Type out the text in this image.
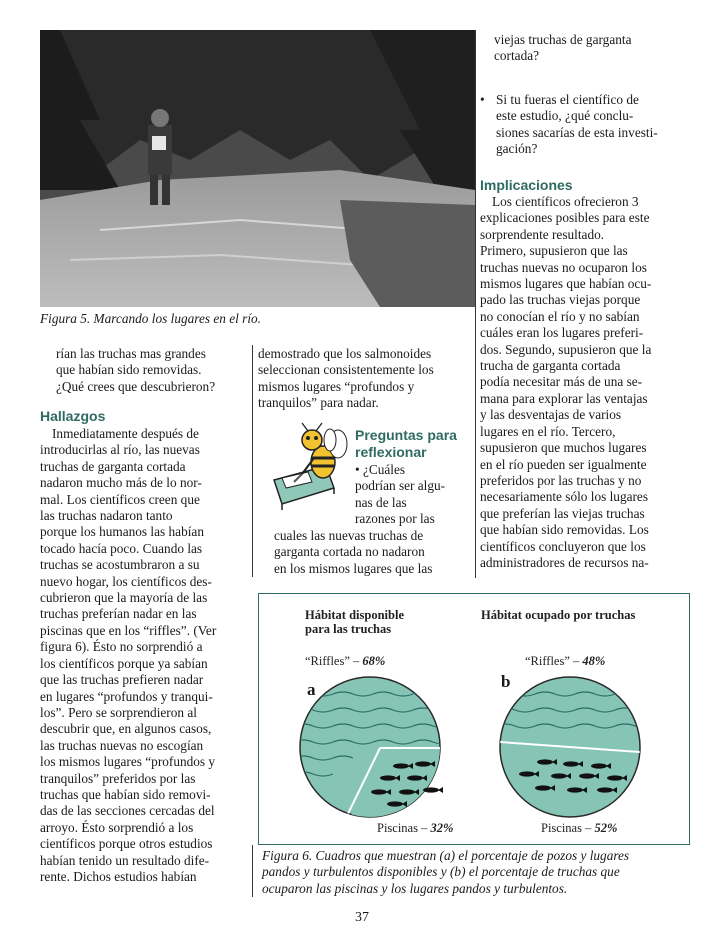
Figura 5. Marcando los lugares en el río.

viejas truchas de garganta

cortada?

• Si tu fueras el científico de
este estudio, ¿qué conclu-
siones sacarías de esta investi-
gación?
Implicaciones
Los científicos ofrecieron 3
explicaciones posibles para este
sorprendente resultado.
Primero, supusieron que las
truchas nuevas no ocuparon los
mismos lugares que habían ocu-
pado las truchas viejas porque
no conocían el río y no sabían
cuáles eran los lugares preferi-
dos. Segundo, supusieron que la
trucha de garganta cortada
podía necesitar más de una se-
mana para explorar las ventajas
y las desventajas de varios
lugares en el río. Tercero,
supusieron que muchos lugares
en el río pueden ser igualmente
preferidos por las truchas y no
necesariamente sólo los lugares
que preferían las viejas truchas
que habían sido removidas. Los
científicos concluyeron que los
administradores de recursos na-
rían las truchas mas grandes
que habían sido removidas.
¿Qué crees que descubrieron?
Hallazgos
Inmediatamente después de
introducirlas al río, las nuevas
truchas de garganta cortada
nadaron mucho más de lo nor-
mal. Los científicos creen que
las truchas nadaron tanto
porque los humanos las habían
tocado hacía poco. Cuando las
truchas se acostumbraron a su
nuevo hogar, los científicos des-
cubrieron que la mayoría de las
truchas preferían nadar en las
piscinas que en los “riffles”. (Ver
figura 6). Ésto no sorprendió a
los científicos porque ya sabían
que las truchas prefieren nadar
en lugares “profundos y tranqui-
los”. Pero se sorprendieron al
descubrir que, en algunos casos,
las truchas nuevas no escogían
los mismos lugares “profundos y
tranquilos” preferidos por las
truchas que habían sido removi-
das de las secciones cercadas del
arroyo. Ésto sorprendió a los
científicos porque otros estudios
habían tenido un resultado dife-
rente. Dichos estudios habían
demostrado que los salmonoides
seleccionan consistentemente los
mismos lugares “profundos y
tranquilos” para nadar.
Preguntas para
reflexionar
• ¿Cuáles
podrían ser algu-
nas de las
razones por las
cuales las nuevas truchas de
garganta cortada no nadaron
en los mismos lugares que las
Hábitat disponible
para las truchas
Hábitat ocupado por truchas
“Riffles” – 68%
a
“Riffles” – 48%
b
Piscinas – 32%	Piscinas – 52%
Figura 6. Cuadros que muestran (a) el porcentaje de pozos y lugares
pandos y turbulentos disponibles y (b) el porcentaje de truchas que
ocuparon las piscinas y los lugares pandos y turbulentos.
37
